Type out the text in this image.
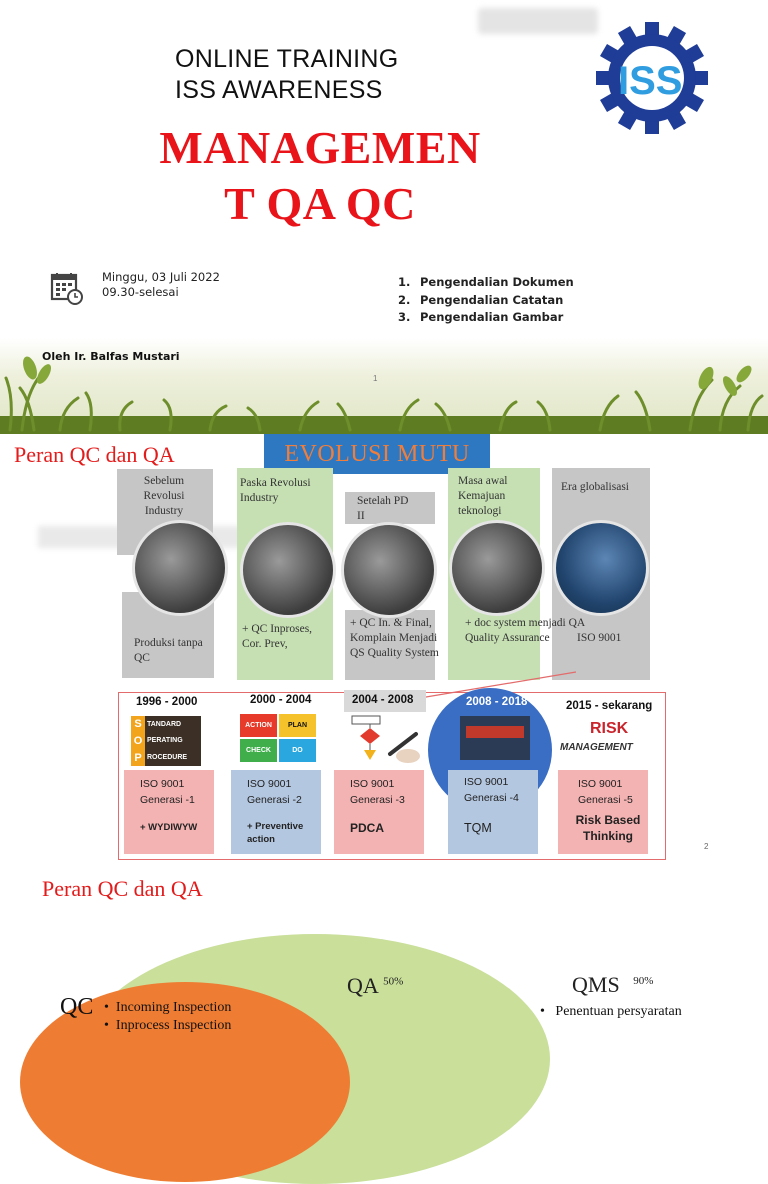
ONLINE TRAINING
ISS AWARENESS
MANAGEMEN
T QA QC
ISS
Minggu, 03 Juli 2022
09.30-selesai
1. Pengendalian Dokumen
2. Pengendalian Catatan
3. Pengendalian Gambar
Oleh Ir. Balfas Mustari
1
Peran QC dan QA	EVOLUSI MUTU
Sebelum Revolusi Industry
Paska Revolusi Industry	Setelah PD II
Masa awal Kemajuan teknologi
Era globalisasi
Produksi tanpa QC
+ QC Inproses, Cor. Prev,
+ QC In. & Final, Komplain Menjadi QS Quality System
+ doc system menjadi QA Quality Assurance	ISO 9001
1996 - 2000	2000 - 2004	2004 - 2008	2008 - 2018	2015 - sekarang
S
O
P
TANDARD
PERATING
ROCEDURE
ACTION	PLAN
CHECK	DO
RISK
MANAGEMENT
ISO 9001
Generasi -1
+ WYDIWYW
ISO 9001
Generasi -2
+ Preventive action
ISO 9001
Generasi -3
PDCA
ISO 9001
Generasi -4
TQM
ISO 9001
Generasi -5
Risk Based Thinking
2
Peran QC dan QA
QA $^{50\%}$	QMS $^{90\%}$
QC •  Incoming Inspection
•  Inprocess Inspection
•   Penentuan persyaratan
